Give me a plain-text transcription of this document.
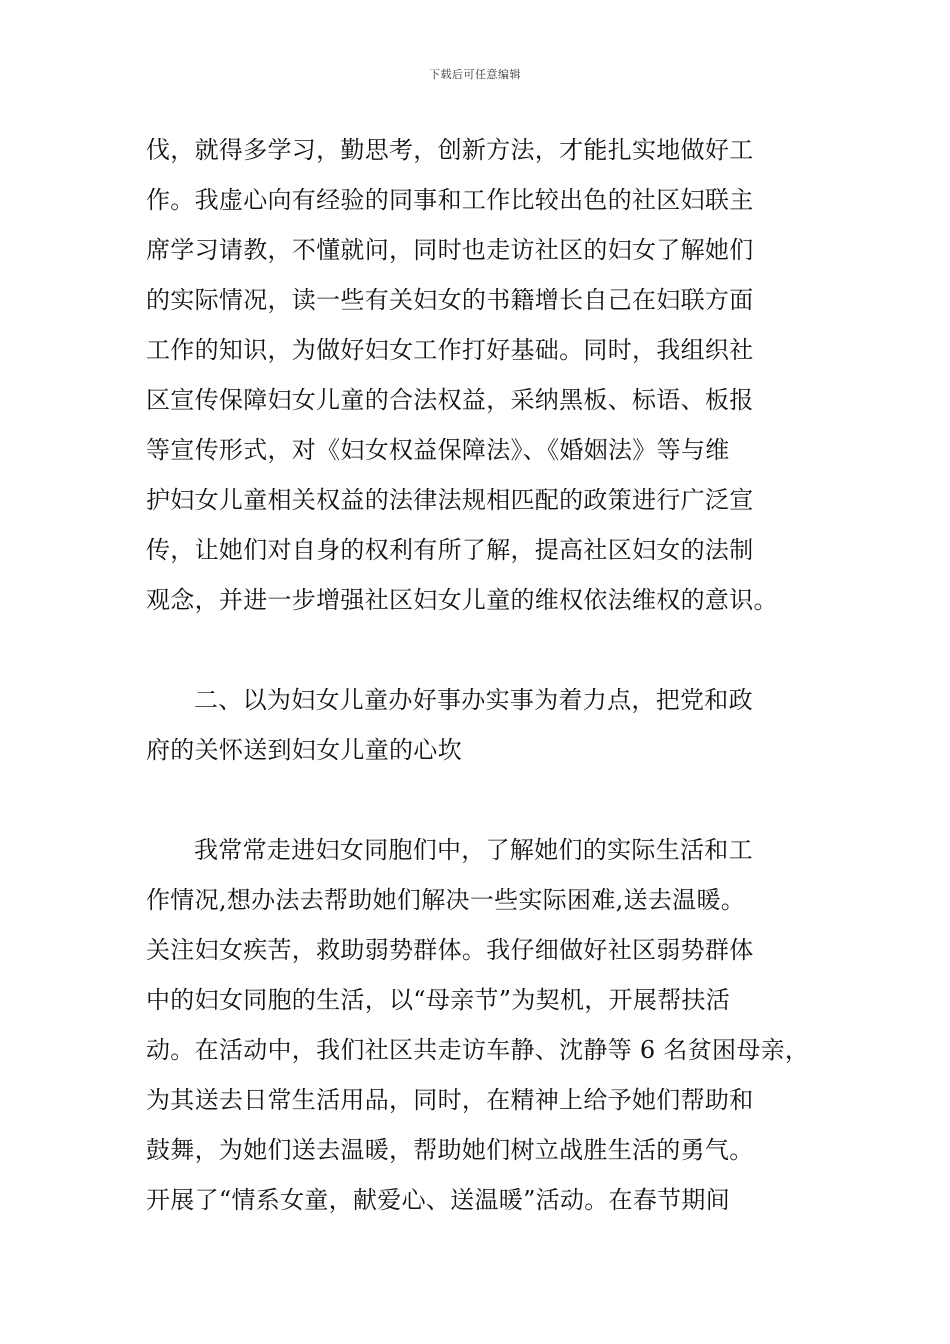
下载后可任意编辑
伐，就得多学习，勤思考，创新方法，才能扎实地做好工
作。我虚心向有经验的同事和工作比较出色的社区妇联主
席学习请教，不懂就问，同时也走访社区的妇女了解她们
的实际情况，读一些有关妇女的书籍增长自己在妇联方面
工作的知识，为做好妇女工作打好基础。同时，我组织社
区宣传保障妇女儿童的合法权益，采纳黑板、标语、板报
等宣传形式，对《妇女权益保障法》、《婚姻法》等与维
护妇女儿童相关权益的法律法规相匹配的政策进行广泛宣
传，让她们对自身的权利有所了解，提高社区妇女的法制
观念，并进一步增强社区妇女儿童的维权依法维权的意识。
二、以为妇女儿童办好事办实事为着力点，把党和政
府的关怀送到妇女儿童的心坎
我常常走进妇女同胞们中，了解她们的实际生活和工
作情况,想办法去帮助她们解决一些实际困难,送去温暖。
关注妇女疾苦，救助弱势群体。我仔细做好社区弱势群体
中的妇女同胞的生活，以“母亲节”为契机，开展帮扶活
动。在活动中，我们社区共走访车静、沈静等 6 名贫困母亲，
为其送去日常生活用品，同时，在精神上给予她们帮助和
鼓舞，为她们送去温暖，帮助她们树立战胜生活的勇气。
开展了“情系女童，献爱心、送温暖”活动。在春节期间
